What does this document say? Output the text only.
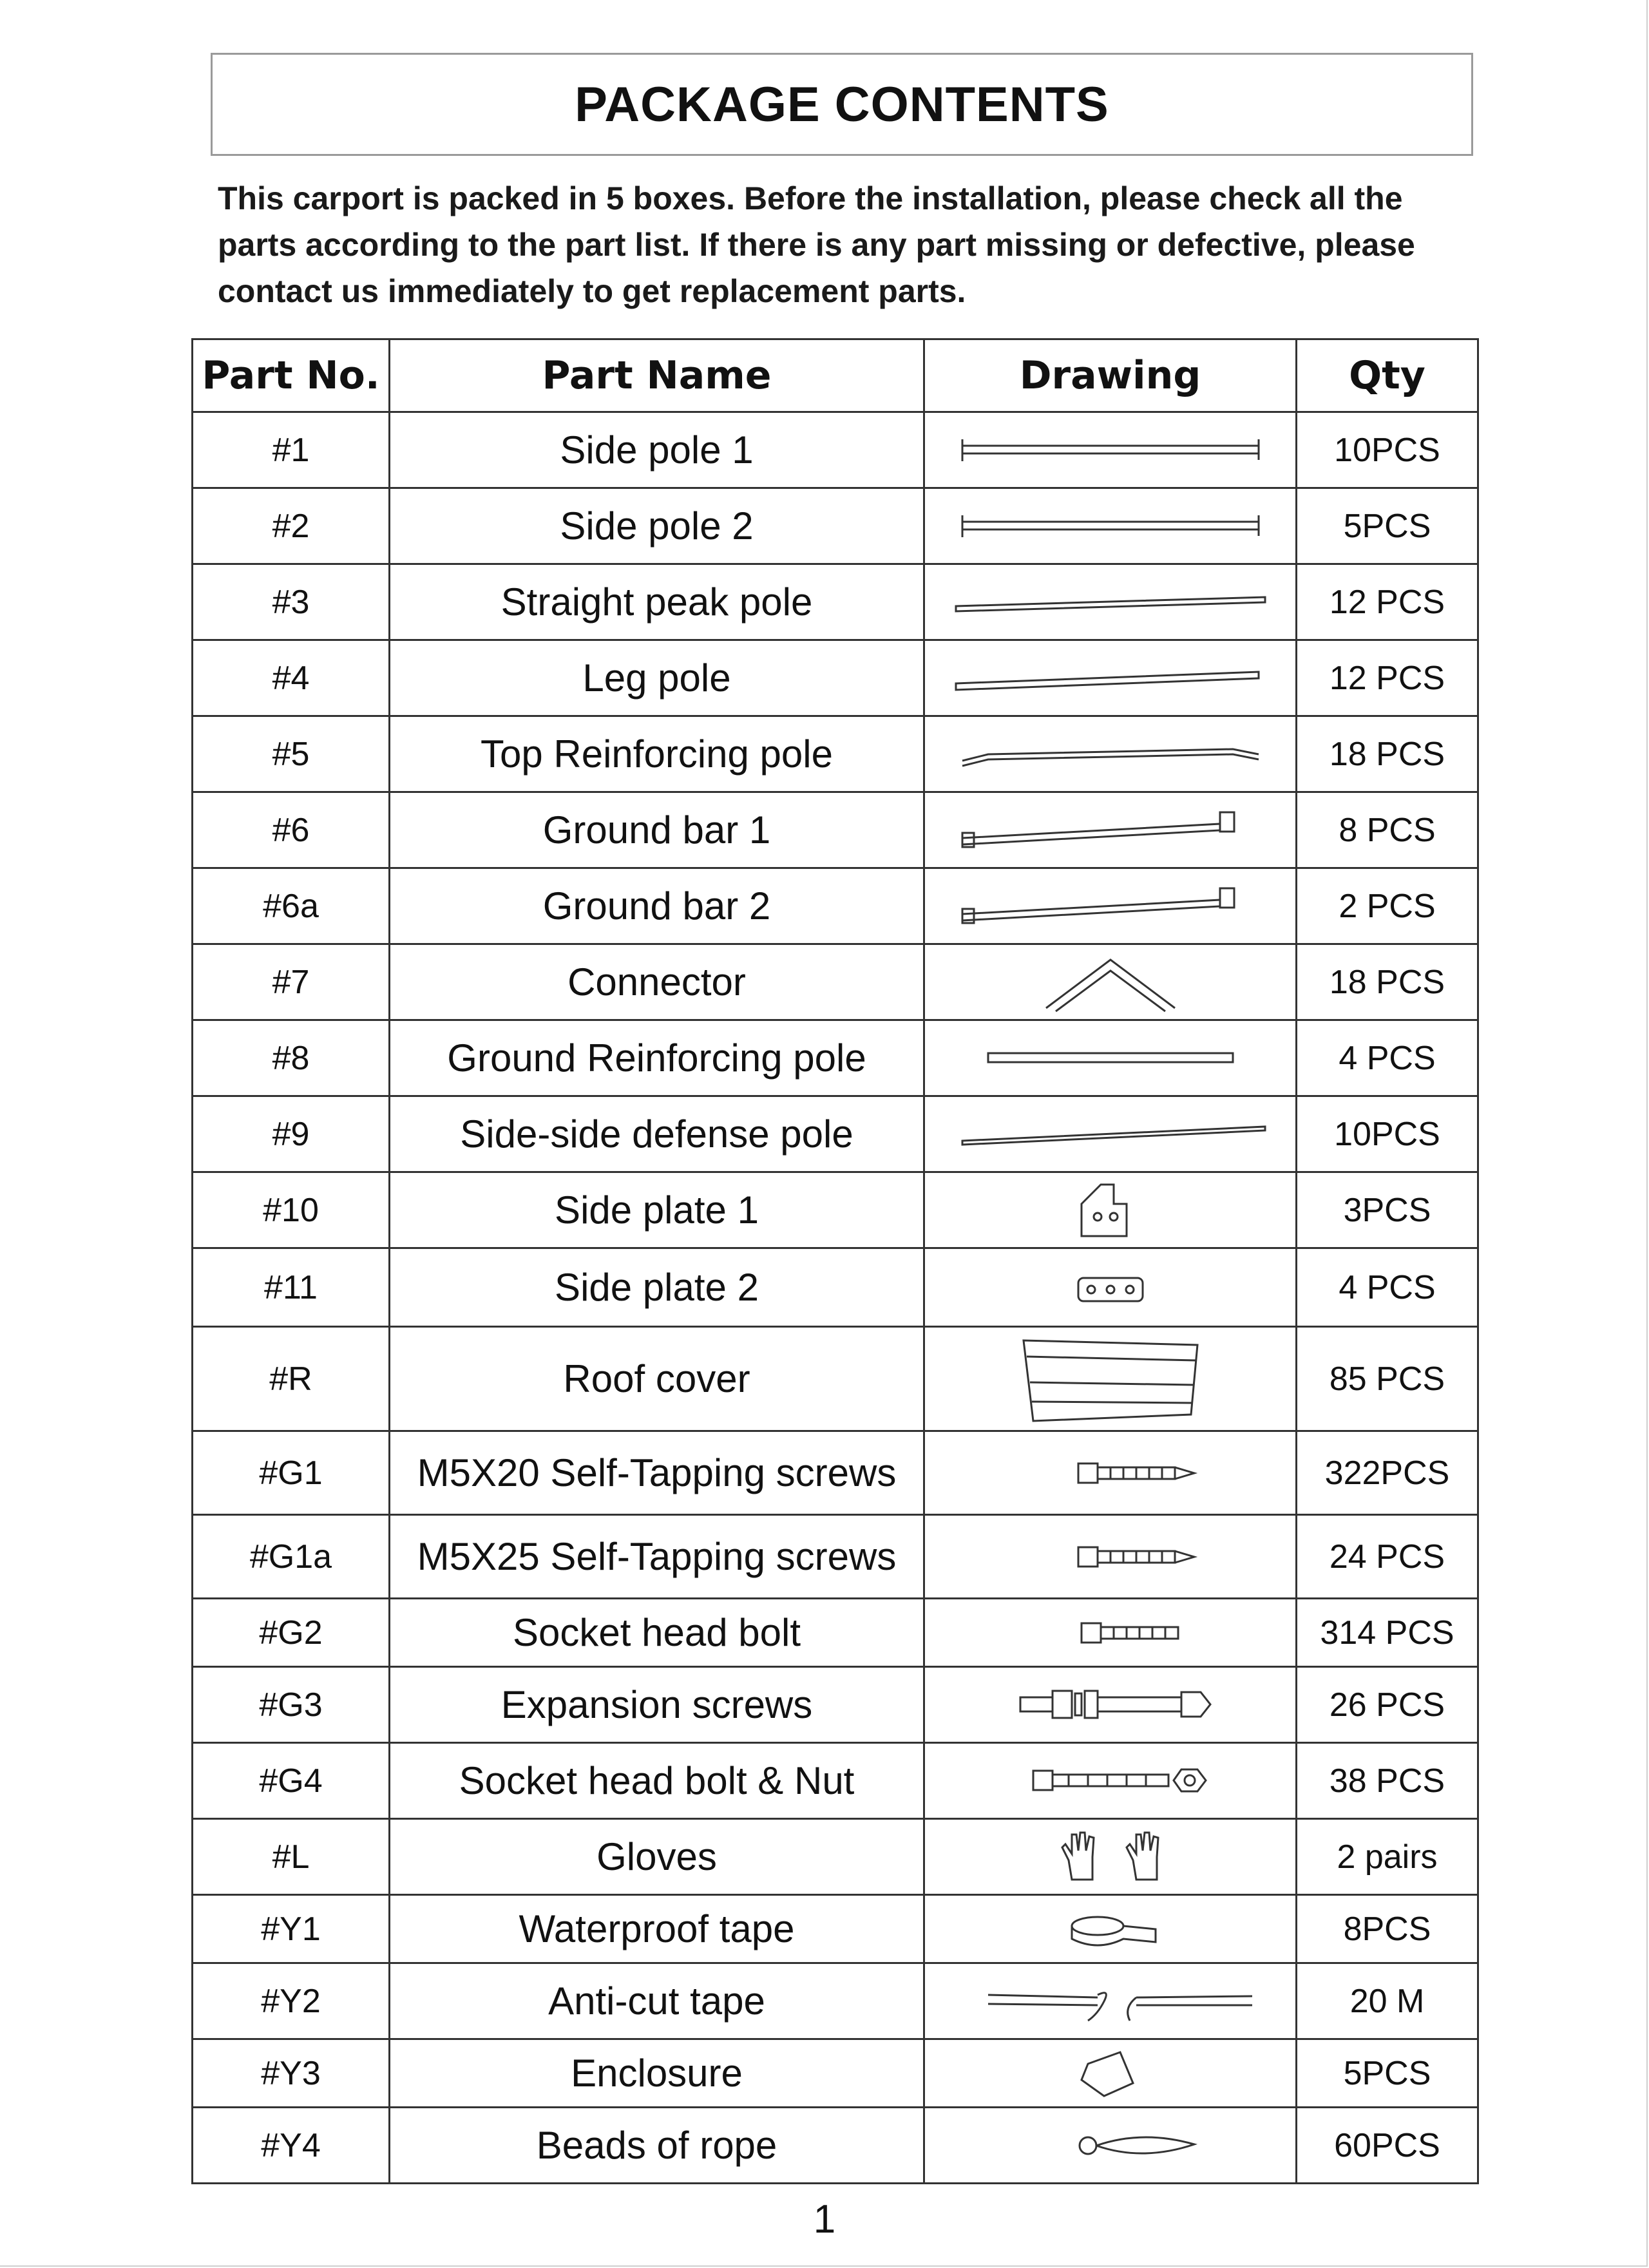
PACKAGE CONTENTS
This carport is packed in 5 boxes. Before the installation, please check all the parts according to the part list. If there is any part missing or defective, please contact us immediately to get replacement parts.
Part No.	Part Name	Drawing	Qty
#1	Side pole 1		10PCS
#2	Side pole 2		5PCS
#3	Straight peak pole		12 PCS
#4	Leg pole		12 PCS
#5	Top Reinforcing pole		18 PCS
#6	Ground bar 1		8 PCS
#6a	Ground bar 2		2 PCS
#7	Connector		18 PCS
#8	Ground Reinforcing pole		4 PCS
#9	Side-side defense pole		10PCS
#10	Side plate 1		3PCS
#11	Side plate 2		4 PCS
#R	Roof cover		85 PCS
#G1	M5X20 Self-Tapping screws		322PCS
#G1a	M5X25 Self-Tapping screws		24 PCS
#G2	Socket head bolt		314 PCS
#G3	Expansion screws		26 PCS
#G4	Socket head bolt & Nut		38 PCS
#L	Gloves		2 pairs
#Y1	Waterproof tape		8PCS
#Y2	Anti-cut tape		20 M
#Y3	Enclosure		5PCS
#Y4	Beads of rope		60PCS
1
